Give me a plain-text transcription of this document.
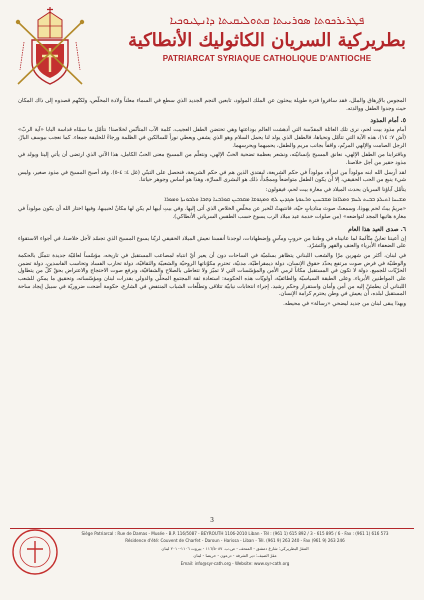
ܦܛܪܝܪܟܘܬܐ ܣܘܪܝܝܬܐ ܩܬܘܠܝܩܝܬܐ ܕܐܢܛܝܘܟܝܐ
بطريركية السريان الكاثوليك الأنطاكية
PATRIARCAT SYRIAQUE CATHOLIQUE D'ANTIOCHE

المجوس بالإرهاق والملل، فقد سافروا فترة طويلة يبحثون عن الملك المولود، تابعين النجم الجديد الذي سطع في السماء معلناً ولادة المخلّص، ولكنّهم قصدوه إلى ذاك المكان حيث وجدوا الطفل ووالدته.

٥. أمام المذود

أمام مذود بيت لحم، نرى تلك العائلة المقدّسة التي أدهشت العالم بوداعتها وهي تحتضن الطفل العجيب، كلمة الآب المتأنّس لخلاصنا! نتأمّل ما سمّاه قداسة البابا «آية الربّ» (أش ٧: ١٤)، هذه الآية التي تتأمّل ونحياها، فالطفل الذي يولد لنا يحمل السلام وهو الذي يشفي ويعطي نوراً للسالكين في الظلمة ورجاءً للخليقة جمعاء. كما نعجب بيوسف البارّ، الرجل الصامت والإلهي المرنّم، واقفاً بجانب مريم والطفل، يحميهما ويحرسهما.

وباقترابنا من الطفل الإلهي، نعانق المسيح بإنسانيّته، ونشعر بعظمة تضحية الحبّ الإلهي، ونتعلّم من المسيح معنى الحبّ الكامل، هذا الآتي الذي ارتضى أن يأتي إلينا ويولد في مذود حقير من أجل خلاصنا.

لقد أرسل الله ابنه مولوداً من امرأة، مولوداً في حكم الشريعة، ليفتدي الذين هم في حكم الشريعة، فنحصل على التبنّي (غل ٤: ٤-٥). وقد أصبح المسيح في مذود صغير، وليس شيء ينبع من الحب الحقيقي، إلا أن يكون الطفل متواضعاً وممجّداً، ذلك هو البشرى السارّة، وهذا هو أساس وجوهر حياتنا.

يتأمّل آباؤنا السريان بحدث الميلاد في مغارة بيت لحم، فيقولون:

ܡܫܝܚܐ ܐܬܝܠܕ ܒܒܝܬ ܠܚܡ ܘܡܠܐܟܐ ܡܫܒܚܝܢ ܘܪܥܘܬܐ ܣܓܕܝܢ ܠܗ ܘܡܓܘܫܐ ܡܩܪܒܝܢ ܩܘܪܒܢܐ ܕܗܒܐ ܘܠܒܘܢܬܐ ܘܡܘܪܐ

«مريمُ بيتُ لحم يهوذا، وسمعتْ صوتَ منادياتٍ حيّة، فانتبهتْ لتُخبر عن مخلّصِ الخلاص الذي أتى إليها. وفي بيتِ أبيها لم يكن لها مكانٌ لحبيبها، وفيها اختار الله أن يكون مولوداً في مغارة هاتيها المجد لتواضعه» (من صلوات خدمة عيد ميلاد الرب يسوع حسب الطقس السرياني الأنطاكي).

٦. صدى العيد هذا العام

إن أعيننا تعاينُ متّألمةً لما عانيناه في وطننا من حروبٍ ومآسٍ وإضطهادات، لوجدنا أنفسنا نعيش الميلاد الحقيقي لربّنا يسوع المسيح الذي تجسّد لأجل خلاصنا، في أجواء الاستقواء على الضعفاء الأبرياء والعنف والقهر والتشرّد.

في لبنان، أكثر من شهرين مرّا والشعب اللبناني يتظاهر بسلميّة في الساحات دون أن يعير أيّ انتباه لمصاعب المستقبل في تاريخه، مؤسّساً لعامّيّة جديدة تتمثّل بالحكمة والوطنيّة في فرض صوت مرتفع يحدّد حقوق الإنسان، دولة ديمقراطيّة، مدنيّة، تحترم مكوّناتها الروحيّة والشعبيّة والثقافيّة، دولة تحارب الفساد وتحاسب الفاسدين، دولة تضمن الحرّيّات للجميع. دولة لا تكون في المستقبل مكاناً لرمي الأمن والمؤسّسات التي لا تميّز ولا تتعاطى بالصلاح والشفافيّة، ونرفع صوت الاحتجاج والاعتراض بحقّ كلّ من يتطاول على المواطنين الأبرياء. وعلى الطبقة السياسيّة والطائفيّة، أولويّات هذه الحكومة: استعادة ثقة المجتمع المحلّي والدولي بقدرات لبنان ومؤسّساته، وتحقيق ما يمكن للشعب اللبناني أن يطمئنّ إليه من أمن وأمان واستقرار وحكم رشيد. إجراء انتخابات نيابيّة تتلاقى وتطلّعات الشباب المنتفض في الشارع، حكومة أضحت ضروريّة في سبيل إيجاد ساحة المستقبل لبلده، أن يعيش في وطن يحترم كرامة الإنسان.

وبهذا يبقى لبنان من جديد ليضحي «رسالة» في محيطه.

3
Siège Patriarcal : Rue de Damas - Musée - B.P. 116/5087 - BEYROUTH 1106-2010 Liban - Tél : (961 1) 615 892 / 3 - 615 895 / 6 - Fax : (961 1) 616 573
Résidence d'été: Couvent de Charfet - Daroun - Harissa - Liban - Tél. (961 9) 263 240 - Fax (961 9) 263 246
المقرّ البطريركي: شارع دمشق - المتحف - ص.ب. ١١٦/٥٠٨٧ - بيروت ١١٠٦-٢٠١٠ لبنان
مقرّ الصيف: دير الشرفة - درعون - حريصا - لبنان
Email: info@syr-cath.org - Website: www.syr-cath.org
